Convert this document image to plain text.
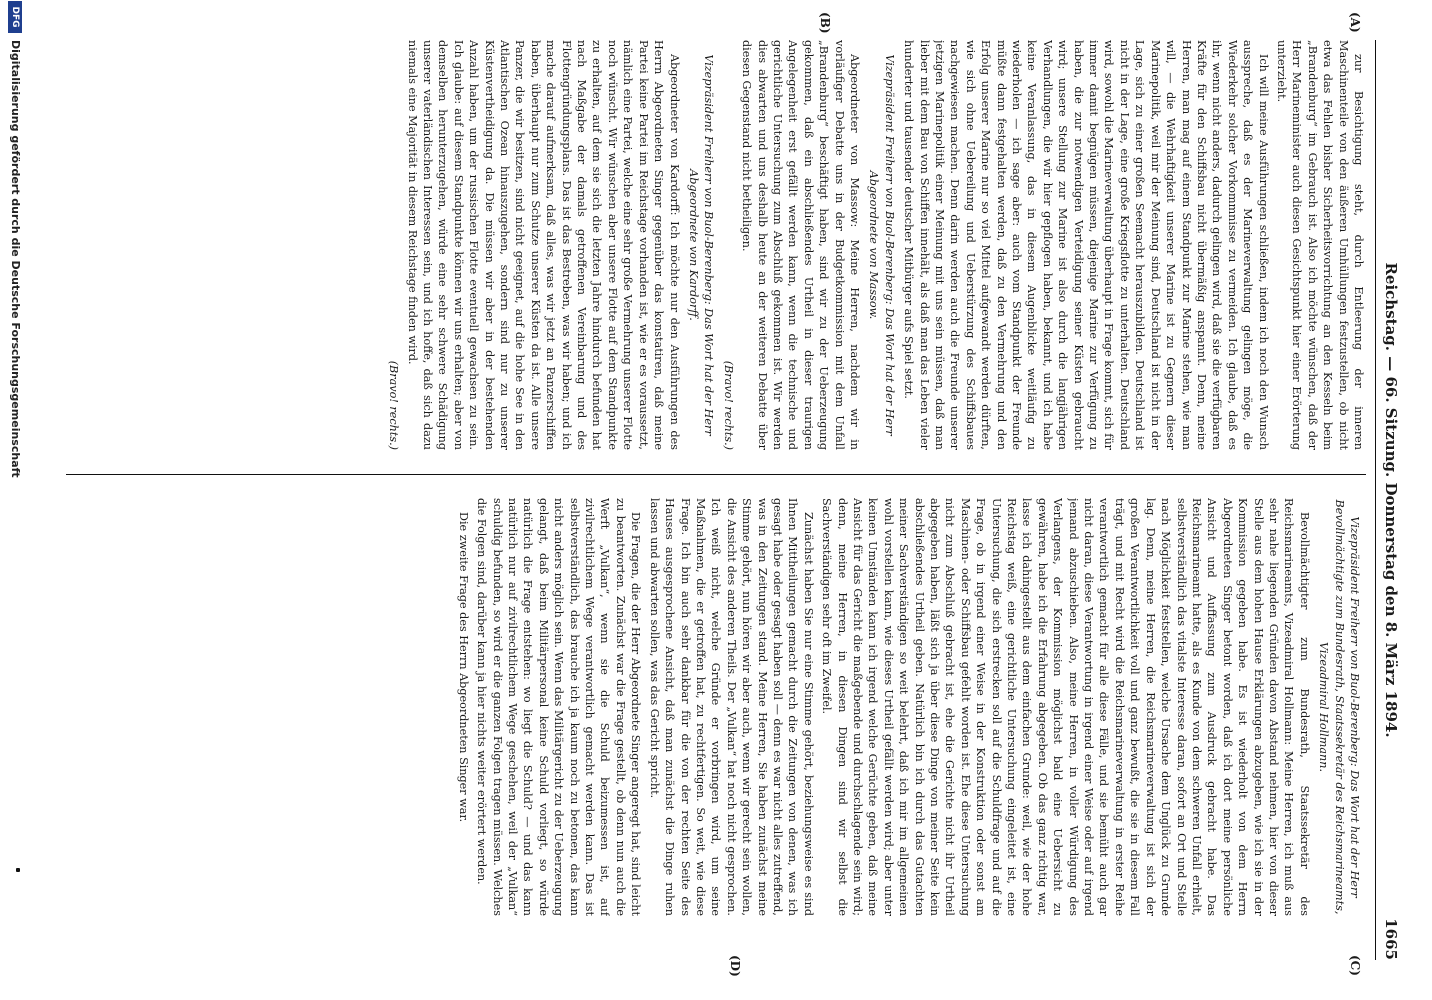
Reichstag. — 66. Sitzung. Donnerstag den 8. März 1894.
1665
(A)
(B)
(C)
(D)

zur Besichtigung steht, durch Entleerung der inneren Maschinenteile von den äußeren Umhüllungen festzustellen, ob nicht etwa das Fehlen bisher Sicherheitsvorrichtung an den Kesseln beim „Brandenburg“ im Gebrauch ist. Also ich möchte wünschen, daß der Herr Marineminister auch diesen Gesichtspunkt hier einer Erörterung unterzieht.

Ich will meine Ausführungen schließen, indem ich noch den Wunsch ausspreche, daß es der Marineverwaltung gelingen möge, die Wiederkehr solcher Vorkommnisse zu vermeiden. Ich glaube, daß es ihr, wenn nicht anders, dadurch gelingen wird, daß sie die verfügbaren Kräfte für den Schiffsbau nicht übermäßig anspannt. Denn, meine Herren, man mag auf einem Standpunkt zur Marine stehen, wie man will, — die Wehrhaftigkeit unserer Marine ist zu Gegnern dieser Marinepolitik, weil mir der Meinung sind, Deutschland ist nicht in der Lage, sich zu einer großen Seemacht herauszubilden. Deutschland ist nicht in der Lage, eine große Kriegsflotte zu unterhalten. Deutschland wird, sowohl die Marineverwaltung überhaupt in Frage kommt, sich für immer damit begnügen müssen, diejenige Marine zur Verfügung zu haben, die zur notwendigen Verteidigung seiner Küsten gebraucht wird; unsere Stellung zur Marine ist also durch die langjährigen Verhandlungen, die wir hier gepflogen haben, bekannt, und ich habe keine Veranlassung, das in diesem Augenblicke weitläufig zu wiederholen — ich sage aber: auch vom Standpunkt der Freunde müßte dann festgehalten werden, daß zu den Vermehrung und den Erfolg unserer Marine nur so viel Mittel aufgewandt werden dürften, wie sich ohne Uebereilung und Ueberstürzung des Schiffsbaues nachgewiesen machen. Denn darin werden auch die Freunde unserer jetzigen Marinepolitik einer Meinung mit uns sein müssen, daß man lieber mit dem Bau von Schiffen innehält, als daß man das Leben vieler hunderter und tausender deutscher Mitbürger aufs Spiel setzt.

Vizepräsident Freiherr von Buol-Berenberg: Das Wort hat der Herr Abgeordnete von Massow.

Abgeordneter von Massow: Meine Herren, nachdem wir in vorläufiger Debatte uns in der Budgetkommission mit dem Unfall „Brandenburg“ beschäftigt haben, sind wir zu der Ueberzeugung gekommen, daß ein abschließendes Urtheil in dieser traurigen Angelegenheit erst gefällt werden kann, wenn die technische und gerichtliche Untersuchung zum Abschluß gekommen ist. Wir werden dies abwarten und uns deshalb heute an der weiteren Debatte über diesen Gegenstand nicht betheiligen.

(Bravo! rechts.)

Vizepräsident Freiherr von Buol-Berenberg: Das Wort hat der Herr Abgeordnete von Kardorff.

Abgeordneter von Kardorff: Ich möchte nur den Ausführungen des Herrn Abgeordneten Singer gegenüber das konstatiren, daß meine Partei keine Partei im Reichstage vorhanden ist, wie er es voraussetzt, nämlich eine Partei, welche eine sehr große Vermehrung unserer Flotte noch wünscht. Wir wünschen aber unsere Flotte auf dem Standpunkte zu erhalten, auf dem sie sich die letzten Jahre hindurch befunden hat nach Maßgabe der damals getroffenen Vereinbarung und des Flottengründungsplans. Das ist das Bestreben, was wir haben; und ich mache darauf aufmerksam, daß alles, was wir jetzt an Panzerschiffen haben, überhaupt nur zum Schutze unserer Küsten da ist. Alle unsere Panzer, die wir besitzen, sind nicht geeignet, auf die hohe See in den Atlantischen Ozean hinauszugehen, sondern sind nur zu unserer Küstenvertheidigung da. Die müssen wir aber in der bestehenden Anzahl haben, um der russischen Flotte eventuell gewachsen zu sein. Ich glaube: auf diesem Standpunkte können wir uns erhalten; aber von demselben herunterzugehen, würde eine sehr schwere Schädigung unserer vaterländischen Interessen sein, und ich hoffe, daß sich dazu niemals eine Majorität in diesem Reichstage finden wird.

(Bravo! rechts.)

Vizepräsident Freiherr von Buol-Berenberg: Das Wort hat der Herr Bevollmächtigte zum Bundesrath, Staatssekretär des Reichsmarineamts, Vizeadmiral Hollmann.

Bevollmächtigter zum Bundesrath, Staatssekretär des Reichsmarineamts, Vizeadmiral Hollmann: Meine Herren, ich muß aus sehr nahe liegenden Gründen davon Abstand nehmen, hier von dieser Stelle aus dem hohen Hause Erklärungen abzugeben, wie ich sie in der Kommission gegeben habe. Es ist wiederholt von dem Herrn Abgeordneten Singer betont worden, daß ich dort meine persönliche Ansicht und Auffassung zum Ausdruck gebracht habe. Das Reichsmarineamt hatte, als es Kunde von dem schweren Unfall erhielt, selbstverständlich das vitalste Interesse daran, sofort an Ort und Stelle nach Möglichkeit feststellen, welche Ursache dem Unglück zu Grunde lag. Denn, meine Herren, die Reichsmarineverwaltung ist sich der großen Verantwortlichkeit voll und ganz bewußt, die sie in diesem Fall trägt, und mit Recht wird die Reichsmarineverwaltung in erster Reihe verantwortlich gemacht für alle diese Fälle, und sie bemüht auch gar nicht daran, diese Verantwortung in irgend einer Weise oder auf irgend jemand abzuschieben. Also, meine Herren, in voller Würdigung des Verlangens, der Kommission möglichst bald eine Uebersicht zu gewähren, habe ich die Erfahrung abgegeben. Ob das ganz richtig war, lasse ich dahingestellt aus dem einfachen Grunde: weil, wie der hohe Reichstag weiß, eine gerichtliche Untersuchung eingeleitet ist, eine Untersuchung, die sich erstrecken soll auf die Schuldfrage und auf die Frage, ob in irgend einer Weise in der Konstruktion oder sonst am Maschinen- oder Schiffsbau gefehlt worden ist. Ehe diese Untersuchung nicht zum Abschluß gebracht ist, ehe die Gerichte nicht ihr Urtheil abgegeben haben, läßt sich ja über diese Dinge von meiner Seite kein abschließendes Urtheil geben. Natürlich bin ich durch das Gutachten meiner Sachverständigen so weit belehrt, daß ich mir im allgemeinen wohl vorstellen kann, wie dieses Urtheil gefällt werden wird; aber unter keinen Umständen kann ich irgend welche Gerüchte geben, daß meine Ansicht für das Gericht die maßgebende und durchschlagende sein wird; denn, meine Herren, in diesen Dingen sind wir selbst die Sachverständigen sehr oft im Zweifel.

Zunächst haben Sie nur eine Stimme gehört, beziehungsweise es sind Ihnen Mittheilungen gemacht durch die Zeitungen von denen, was ich gesagt habe oder gesagt haben soll — denn es war nicht alles zutreffend, was in den Zeitungen stand. Meine Herren, Sie haben zunächst meine Stimme gehört, nun hören wir aber auch, wenn wir gerecht sein wollen, die Ansicht des anderen Theils. Der „Vulkan“ hat noch nicht gesprochen. Ich weiß nicht, welche Gründe er vorbringen wird, um seine Maßnahmen, die er getroffen hat, zu rechtfertigen. So weit, wie diese Frage. Ich bin auch sehr dankbar für die von der rechten Seite des Hauses ausgesprochene Ansicht, daß man zunächst die Dinge ruhen lassen und abwarten sollen, was das Gericht spricht.

Die Fragen, die der Herr Abgeordnete Singer angeregt hat, sind leicht zu beantworten. Zunächst war die Frage gestellt, ob denn nun auch die Werft „Vulkan“, wenn sie die Schuld beizumessen ist, auf zivilrechtlichem Wege verantwortlich gemacht werden kann. Das ist selbstverständlich, das brauche ich ja kaum noch zu betonen, das kann nicht anders möglich sein. Wenn das Militärgericht zu der Ueberzeugung gelangt, daß beim Militärpersonal keine Schuld vorliegt, so würde natürlich die Frage entstehen: wo liegt die Schuld? — und das kann natürlich nur auf zivilrechtlichem Wege geschehen, weil der „Vulkan“ schuldig befunden, so wird er die ganzen Folgen tragen müssen. Welches die Folgen sind, darüber kann ja hier nichts weiter erörtert werden.

Die zweite Frage des Herrn Abgeordneten Singer war.

DFG
Digitalisierung gefördert durch die Deutsche Forschungsgemeinschaft
